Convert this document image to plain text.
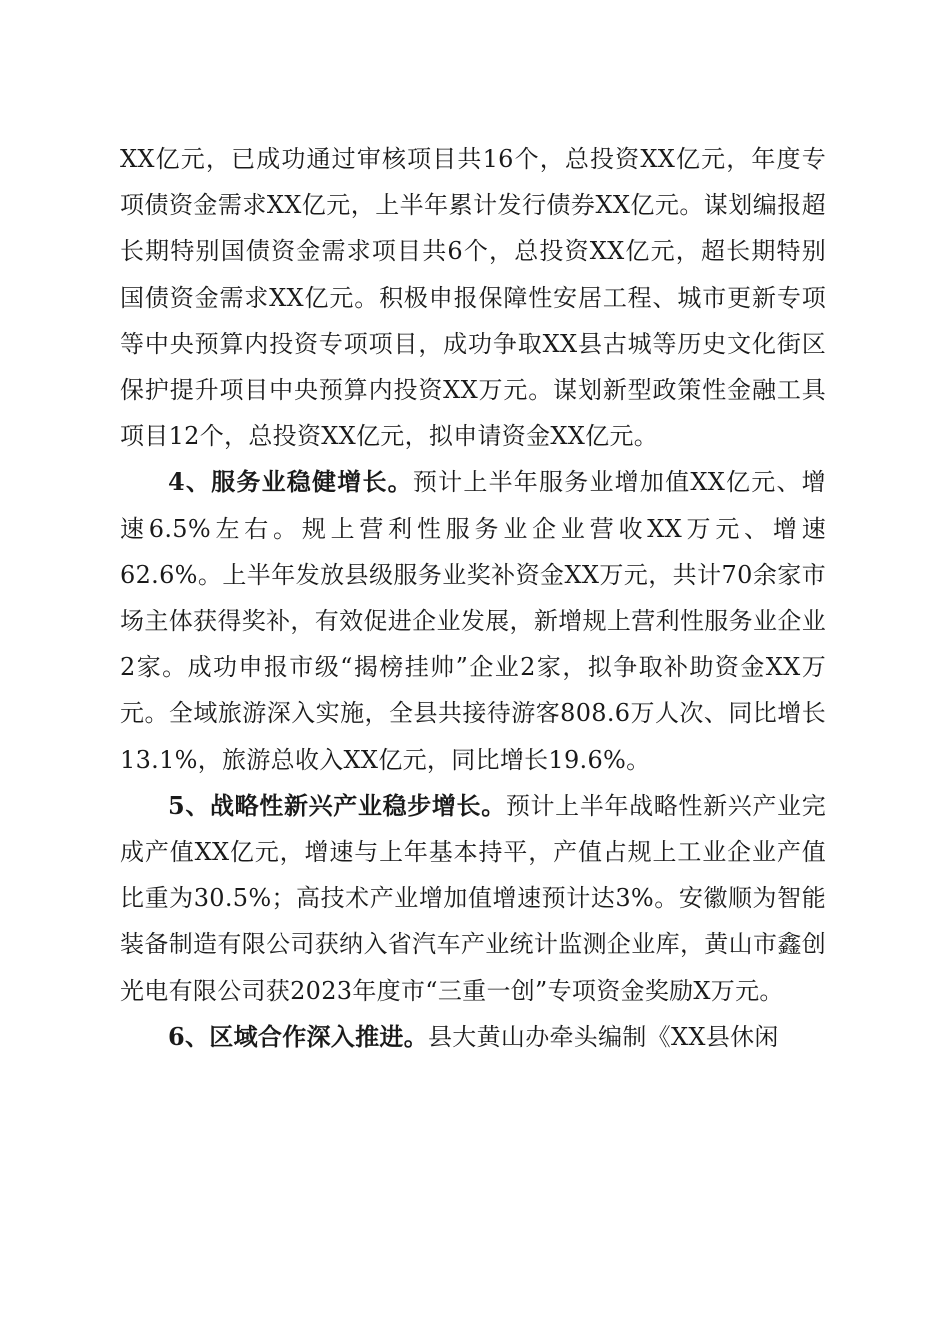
XX亿元，已成功通过审核项目共16个，总投资XX亿元，年度专项债资金需求XX亿元，上半年累计发行债券XX亿元。谋划编报超长期特别国债资金需求项目共6个，总投资XX亿元，超长期特别国债资金需求XX亿元。积极申报保障性安居工程、城市更新专项等中央预算内投资专项项目，成功争取XX县古城等历史文化街区保护提升项目中央预算内投资XX万元。谋划新型政策性金融工具项目12个，总投资XX亿元，拟申请资金XX亿元。

4、服务业稳健增长。预计上半年服务业增加值XX亿元、增速6.5%左右。规上营利性服务业企业营收XX万元、增速62.6%。上半年发放县级服务业奖补资金XX万元，共计70余家市场主体获得奖补，有效促进企业发展，新增规上营利性服务业企业2家。成功申报市级“揭榜挂帅”企业2家，拟争取补助资金XX万元。全域旅游深入实施，全县共接待游客808.6万人次、同比增长13.1%，旅游总收入XX亿元，同比增长19.6%。

5、战略性新兴产业稳步增长。预计上半年战略性新兴产业完成产值XX亿元，增速与上年基本持平，产值占规上工业企业产值比重为30.5%；高技术产业增加值增速预计达3%。安徽顺为智能装备制造有限公司获纳入省汽车产业统计监测企业库，黄山市鑫创光电有限公司获2023年度市“三重一创”专项资金奖励X万元。

6、区域合作深入推进。县大黄山办牵头编制《XX县休闲
